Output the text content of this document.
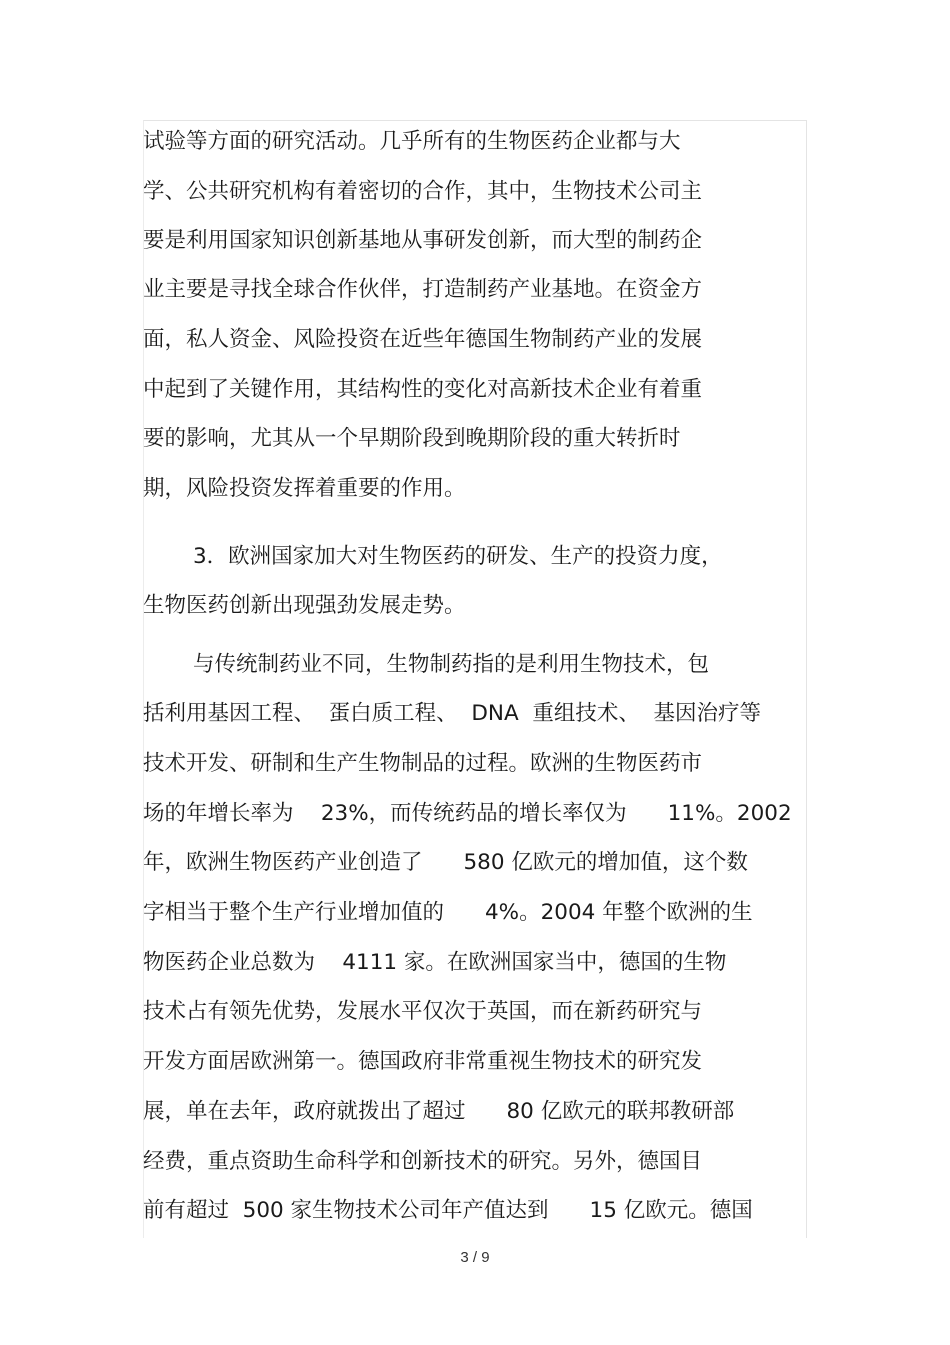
试验等方面的研究活动。几乎所有的生物医药企业都与大
学、公共研究机构有着密切的合作，其中，生物技术公司主
要是利用国家知识创新基地从事研发创新，而大型的制药企
业主要是寻找全球合作伙伴，打造制药产业基地。在资金方
面，私人资金、风险投资在近些年德国生物制药产业的发展
中起到了关键作用，其结构性的变化对高新技术企业有着重
要的影响，尤其从一个早期阶段到晚期阶段的重大转折时
期，风险投资发挥着重要的作用。
3．欧洲国家加大对生物医药的研发、生产的投资力度，
生物医药创新出现强劲发展走势。
与传统制药业不同，生物制药指的是利用生物技术，包
括利用基因工程、  蛋白质工程、  DNA  重组技术、  基因治疗等
技术开发、研制和生产生物制品的过程。欧洲的生物医药市
场的年增长率为    23%，而传统药品的增长率仅为      11%。2002
年，欧洲生物医药产业创造了      580 亿欧元的增加值，这个数
字相当于整个生产行业增加值的      4%。2004 年整个欧洲的生
物医药企业总数为    4111 家。在欧洲国家当中，德国的生物
技术占有领先优势，发展水平仅次于英国，而在新药研究与
开发方面居欧洲第一。德国政府非常重视生物技术的研究发
展，单在去年，政府就拨出了超过      80 亿欧元的联邦教研部
经费，重点资助生命科学和创新技术的研究。另外，德国目
前有超过  500 家生物技术公司年产值达到      15 亿欧元。德国
3 / 9
